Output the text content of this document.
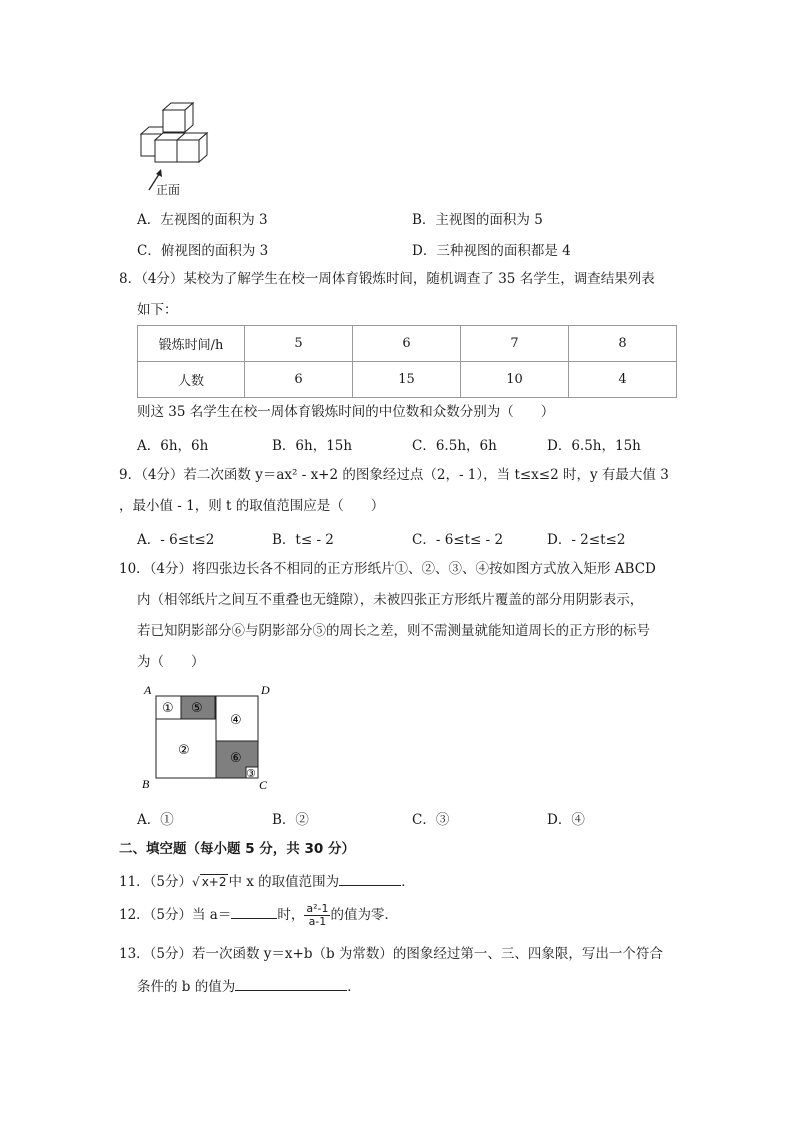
正面
A．左视图的面积为 3	B．主视图的面积为 5
C．俯视图的面积为 3	D．三种视图的面积都是 4
8．（4分）某校为了解学生在校一周体育锻炼时间，随机调查了 35 名学生，调查结果列表
如下：
锻炼时间/h	5	6	7	8
人数	6	15	10	4
则这 35 名学生在校一周体育锻炼时间的中位数和众数分别为（　　）
A．6h，6h	B．6h，15h	C．6.5h，6h	D．6.5h，15h
9．（4分）若二次函数 y＝ax² - x+2 的图象经过点（2，- 1），当 t≤x≤2 时，y 有最大值 3
，最小值 - 1，则 t 的取值范围应是（　　）
A．- 6≤t≤2	B．t≤ - 2	C．- 6≤t≤ - 2	D．- 2≤t≤2
10．（4分）将四张边长各不相同的正方形纸片①、②、③、④按如图方式放入矩形 ABCD
内（相邻纸片之间互不重叠也无缝隙），未被四张正方形纸片覆盖的部分用阴影表示，
若已知阴影部分⑥与阴影部分⑤的周长之差，则不需测量就能知道周长的正方形的标号
为（　　）
A	D
B	C
①
②
③
④
⑤
⑥
A．①	B．②	C．③	D．④
二、填空题（每小题 5 分，共 30 分）
11．（5分）√ x+2 中 x 的取值范围为	．
12．（5分）当 a＝	时， $\frac{\text{a²-1}}{a-1}$ 的值为零．
13．（5分）若一次函数 y＝x+b（b 为常数）的图象经过第一、三、四象限，写出一个符合
条件的 b 的值为	．
